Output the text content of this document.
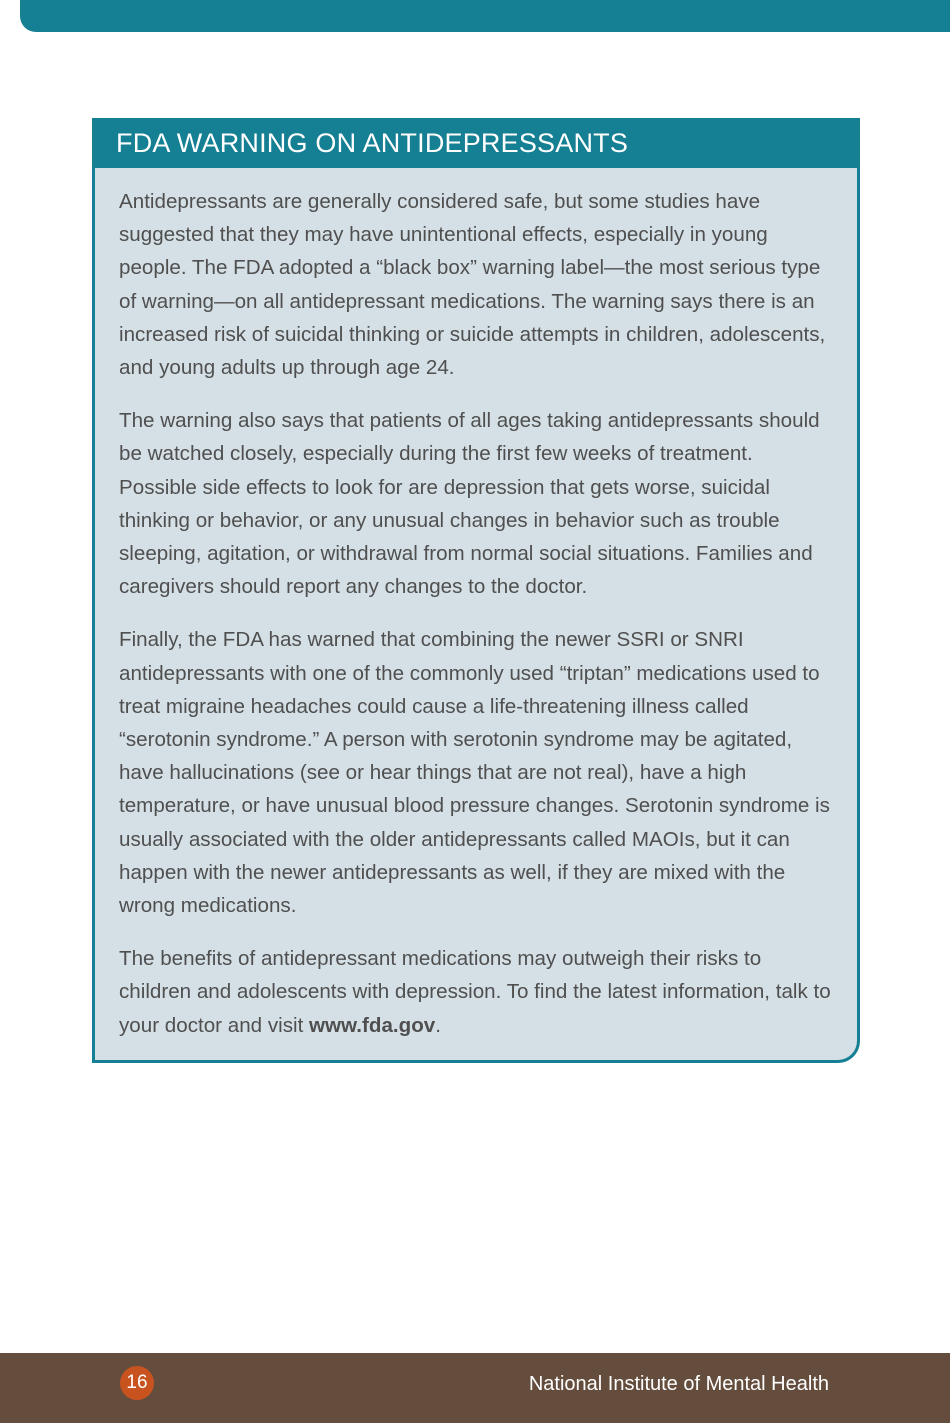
FDA WARNING ON ANTIDEPRESSANTS

Antidepressants are generally considered safe, but some studies have suggested that they may have unintentional effects, especially in young people. The FDA adopted a “black box” warning label—the most serious type of warning—on all antidepressant medications. The warning says there is an increased risk of suicidal thinking or suicide attempts in children, adolescents, and young adults up through age 24.

The warning also says that patients of all ages taking antidepressants should be watched closely, especially during the first few weeks of treatment. Possible side effects to look for are depression that gets worse, suicidal thinking or behavior, or any unusual changes in behavior such as trouble sleeping, agitation, or withdrawal from normal social situations. Families and caregivers should report any changes to the doctor.

Finally, the FDA has warned that combining the newer SSRI or SNRI antidepressants with one of the commonly used “triptan” medications used to treat migraine headaches could cause a life-threatening illness called “serotonin syndrome.” A person with serotonin syndrome may be agitated, have hallucinations (see or hear things that are not real), have a high temperature, or have unusual blood pressure changes. Serotonin syndrome is usually associated with the older antidepressants called MAOIs, but it can happen with the newer antidepressants as well, if they are mixed with the wrong medications.

The benefits of antidepressant medications may outweigh their risks to children and adolescents with depression. To find the latest information, talk to your doctor and visit www.fda.gov.

16	National Institute of Mental Health
